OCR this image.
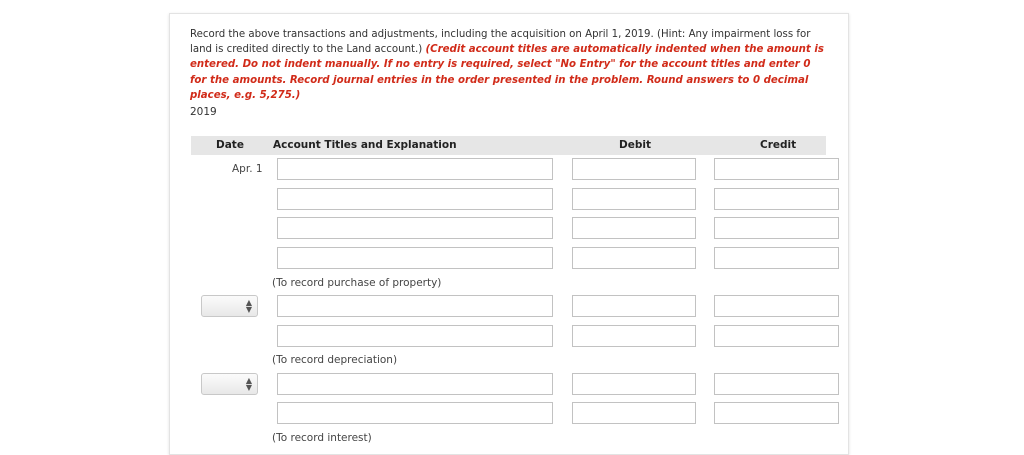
Record the above transactions and adjustments, including the acquisition on April 1, 2019. (Hint: Any impairment loss for land is credited directly to the Land account.) (Credit account titles are automatically indented when the amount is entered. Do not indent manually. If no entry is required, select "No Entry" for the account titles and enter 0 for the amounts. Record journal entries in the order presented in the problem. Round answers to 0 decimal places, e.g. 5,275.)
2019
Date	Account Titles and Explanation	Debit	Credit
Apr. 1
(To record purchase of property)
▲
▼
(To record depreciation)
▲
▼
(To record interest)
